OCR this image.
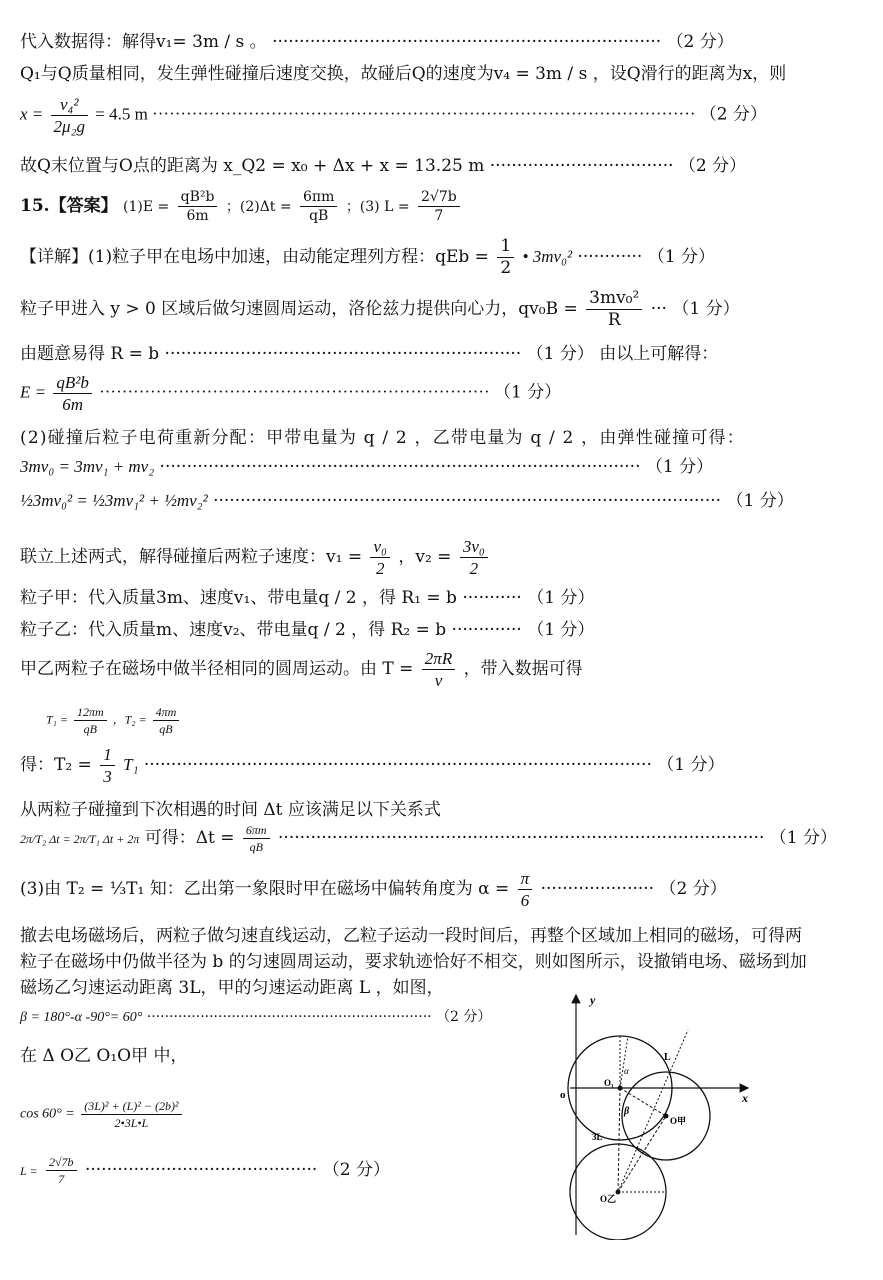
代入数据得：解得v₁= 3m / s 。 ········································································ （2 分）
Q₁与Q质量相同，发生弹性碰撞后速度交换，故碰后Q的速度为v₄ = 3m / s ，设Q滑行的距离为x，则
$x = \frac{\text{v₄²}}{\text{2μ₂g}} = 4.5$ m ································································································ （2 分）
故Q末位置与O点的距离为 x_Q2 = x₀ + Δx + x = 13.25 m ·································· （2 分）
15.【答案】 $(1)E = \frac{\text{qB²b}}{6m}$ ；$(2)\Delta t = \frac{6\pi m}{qB}$ ；(3) $L = \frac{2√7b}{7}$
【详解】(1)粒子甲在电场中加速，由动能定理列方程：qEb = $\frac{1}{2}$ • 3mv₀² ············ （1 分）
粒子甲进入 y > 0 区域后做匀速圆周运动，洛伦兹力提供向心力，$qv_0B = \frac{\text{3mv₀²}}{R}$ ··· （1 分）
由题意易得 R = b ·································································· （1 分） 由以上可解得：
$E = \frac{\text{qB²b}}{6m}$ ····································································· （1 分）
(2)碰撞后粒子电荷重新分配：甲带电量为 q / 2 ，乙带电量为 q / 2 ，由弹性碰撞可得：
3mv₀ = 3mv₁ + mv₂ ························································································· （1 分）
½3mv₀² = ½3mv₁² + ½mv₂² ······························································································ （1 分）
联立上述两式，解得碰撞后两粒子速度：$v_1 = \frac{\text{v₀}}{2}$ ，$v_2 = \frac{\text{3v₀}}{2}$
粒子甲：代入质量3m、速度v₁、带电量q / 2 ，得 R₁ = b ··········· （1 分）
粒子乙：代入质量m、速度v₂、带电量q / 2 ，得 R₂ = b ············· （1 分）
甲乙两粒子在磁场中做半径相同的圆周运动。由 $T = \frac{2\pi R}{v}$ ，带入数据可得
$T_1 = \frac{12\pi m}{qB}$ ，$T_2 = \frac{4\pi m}{qB}$
得：$T_2 = \frac{1}{3} T_1$ ······························································································ （1 分）
从两粒子碰撞到下次相遇的时间 Δt 应该满足以下关系式
2π/T₂ Δt = 2π/T₁ Δt + 2π 可得：$\Delta t = \frac{6\pi m}{qB}$ ·························································································· （1 分）
(3)由 T₂ = ⅓T₁ 知：乙出第一象限时甲在磁场中偏转角度为 $\alpha = \frac{\pi}{6}$ ····················· （2 分）
撤去电场磁场后，两粒子做匀速直线运动，乙粒子运动一段时间后，再整个区域加上相同的磁场，可得两
粒子在磁场中仍做半径为 b 的匀速圆周运动，要求轨迹恰好不相交，则如图所示，设撤销电场、磁场到加
磁场乙匀速运动距离 3L，甲的匀速运动距离 L ，如图，
β = 180°-α -90°= 60° ································································ （2 分）
在 Δ O乙 O₁O甲 中，
$\cos 60^\circ = \frac{\text{(3L)² + (L)² − (2b)²}}{2•3L•L}$
$L = \frac{2√7b}{7}$ ··········································· （2 分）
y
x
o
L
3L
O₁
O甲
O乙
α
β
